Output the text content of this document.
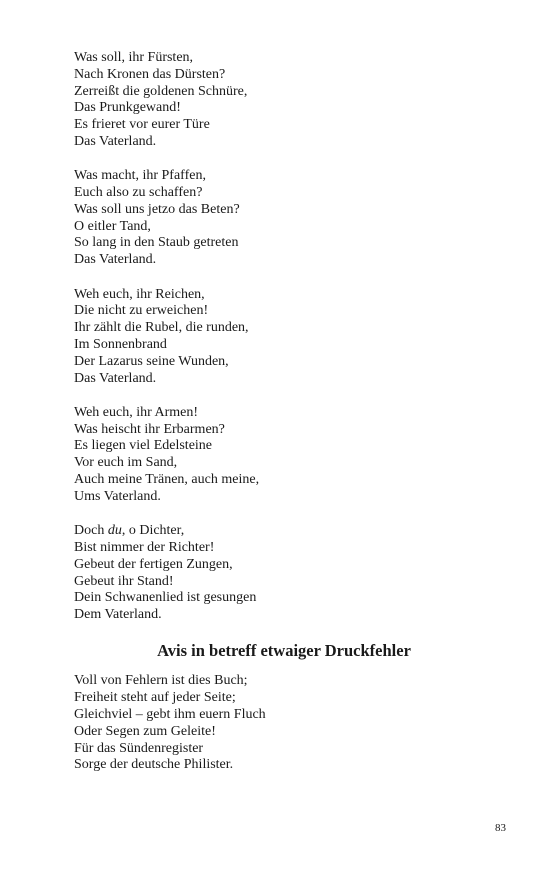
Was soll, ihr Fürsten,
Nach Kronen das Dürsten?
Zerreißt die goldenen Schnüre,
Das Prunkgewand!
Es frieret vor eurer Türe
Das Vaterland.
Was macht, ihr Pfaffen,
Euch also zu schaffen?
Was soll uns jetzo das Beten?
O eitler Tand,
So lang in den Staub getreten
Das Vaterland.
Weh euch, ihr Reichen,
Die nicht zu erweichen!
Ihr zählt die Rubel, die runden,
Im Sonnenbrand
Der Lazarus seine Wunden,
Das Vaterland.
Weh euch, ihr Armen!
Was heischt ihr Erbarmen?
Es liegen viel Edelsteine
Vor euch im Sand,
Auch meine Tränen, auch meine,
Ums Vaterland.
Doch du, o Dichter,
Bist nimmer der Richter!
Gebeut der fertigen Zungen,
Gebeut ihr Stand!
Dein Schwanenlied ist gesungen
Dem Vaterland.
Avis in betreff etwaiger Druckfehler
Voll von Fehlern ist dies Buch;
Freiheit steht auf jeder Seite;
Gleichviel – gebt ihm euern Fluch
Oder Segen zum Geleite!
Für das Sündenregister
Sorge der deutsche Philister.
83
